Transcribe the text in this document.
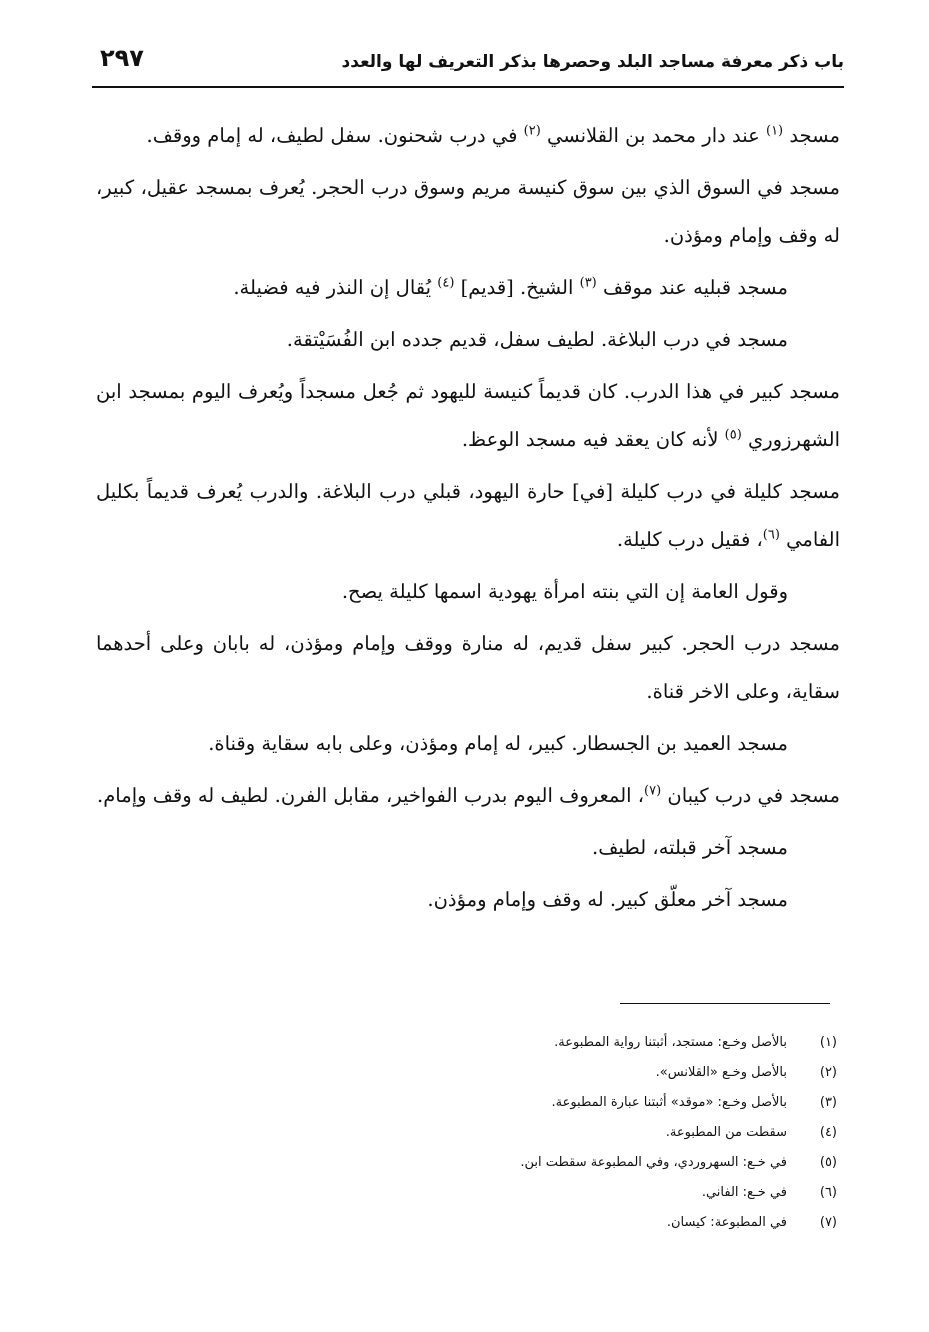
٢٩٧	باب ذكر معرفة مساجد البلد وحصرها بذكر التعريف لها والعدد

مسجد $^{(١)}$ عند دار محمد بن القلانسي $^{(٢)}$ في درب شحنون. سفل لطيف، له إمام ووقف.

مسجد في السوق الذي بين سوق كنيسة مريم وسوق درب الحجر. يُعرف بمسجد عقيل، كبير، له وقف وإمام ومؤذن.

مسجد قبليه عند موقف $^{(٣)}$ الشيخ. [قديم] $^{(٤)}$ يُقال إن النذر فيه فضيلة.

مسجد في درب البلاغة. لطيف سفل، قديم جدده ابن الفُسَيْتقة.

مسجد كبير في هذا الدرب. كان قديماً كنيسة لليهود ثم جُعل مسجداً ويُعرف اليوم بمسجد ابن الشهرزوري $^{(٥)}$ لأنه كان يعقد فيه مسجد الوعظ.

مسجد كليلة في درب كليلة [في] حارة اليهود، قبلي درب البلاغة. والدرب يُعرف قديماً بكليل الفامي $^{(٦)}$، فقيل درب كليلة.

وقول العامة إن التي بنته امرأة يهودية اسمها كليلة يصح.

مسجد درب الحجر. كبير سفل قديم، له منارة ووقف وإمام ومؤذن، له بابان وعلى أحدهما سقاية، وعلى الاخر قناة.

مسجد العميد بن الجسطار. كبير، له إمام ومؤذن، وعلى بابه سقاية وقناة.

مسجد في درب كيبان $^{(٧)}$، المعروف اليوم بدرب الفواخير، مقابل الفرن. لطيف له وقف وإمام.

مسجد آخر قبلته، لطيف.

مسجد آخر معلّق كبير. له وقف وإمام ومؤذن.

(١)
بالأصل وخـع: مستجد، أثبتنا رواية المطبوعة.
(٢)
بالأصل وخـع «القلانس».
(٣)
بالأصل وخـع: «موقد» أثبتنا عبارة المطبوعة.
(٤)
سقطت من المطبوعة.
(٥)
في خـع: السهروردي، وفي المطبوعة سقطت ابن.
(٦)
في خـع: الفاني.
(٧)
في المطبوعة: كيسان.
